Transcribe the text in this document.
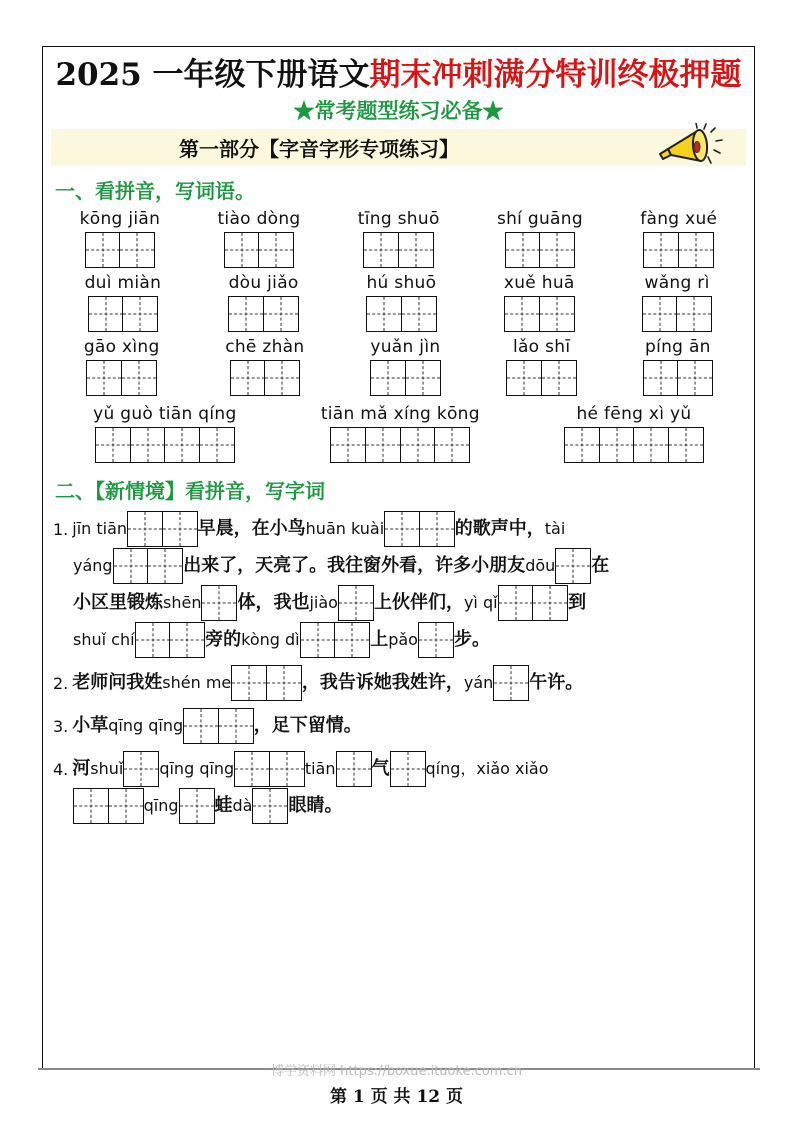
2025 一年级下册语文期末冲刺满分特训终极押题
★常考题型练习必备★
第一部分【字音字形专项练习】
一、看拼音，写词语。
kōng jiān	tiào dòng	tīng shuō	shí guāng	fàng xué
duì miàn	dòu jiǎo	hú shuō	xuě huā	wǎng rì
gāo xìng	chē zhàn	yuǎn jìn	lǎo shī	píng ān
yǔ guò tiān qíng	tiān mǎ xíng kōng	hé fēng xì yǔ
二、【新情境】看拼音，写字词
1. jīn tiān	早晨，在小鸟 huān kuài	的歌声中， tài
yáng	出来了，天亮了。我往窗外看，许多小朋友 dōu 在
小区里锻炼 shēn 体，我也 jiào 上伙伴们， yì qǐ	到
shuǐ chí	旁的 kòng dì	上 pǎo 步。
2. 老师问我姓 shén me	，我告诉她我姓许， yán 午许。
3. 小草 qīng qīng	，足下留情。
4. 河 shuǐ qīng qīng	tiān 气 qíng，xiǎo xiǎo
qīng 蛙 dà 眼睛。
博学资料网 https://boxue.ituoke.com.cn
第 1 页 共 12 页
